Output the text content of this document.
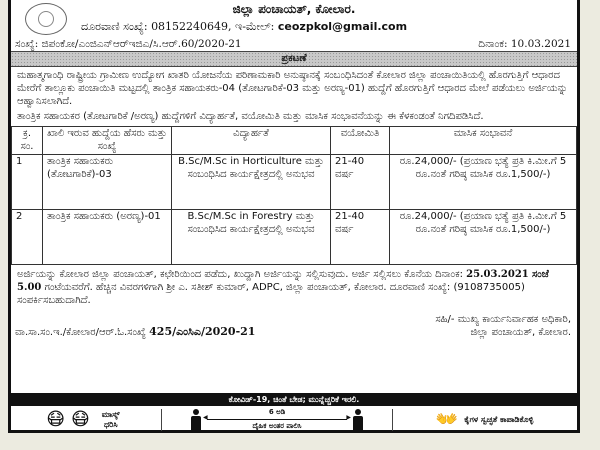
ಜಿಲ್ಲಾ ಪಂಚಾಯತ್, ಕೋಲಾರ.
ದೂರವಾಣಿ ಸಂಖ್ಯೆ: 08152240649, ಇ-ಮೇಲ್: ceozpkol@gmail.com
ಸಂಖ್ಯೆ: ಜಿಪಂಕೋ/ಎಂಜಿಎನ್‌ಆರ್‌ಇಜಿಎ/ಸಿ.ಆರ್.60/2020-21	ದಿನಾಂಕ: 10.03.2021
ಪ್ರಕಟಣೆ
ಮಹಾತ್ಮಗಾಂಧಿ ರಾಷ್ಟ್ರೀಯ ಗ್ರಾಮೀಣ ಉದ್ಯೋಗ ಖಾತರಿ ಯೋಜನೆಯ ಪರಿಣಾಮಕಾರಿ ಅನುಷ್ಠಾನಕ್ಕೆ ಸಂಬಂಧಿಸಿದಂತೆ ಕೋಲಾರ ಜಿಲ್ಲಾ ಪಂಚಾಯಿತಿಯಲ್ಲಿ ಹೊರಗುತ್ತಿಗೆ ಆಧಾರದ ಮೇರೆಗೆ ತಾಲ್ಲೂಕು ಪಂಚಾಯಿತಿ ಮಟ್ಟದಲ್ಲಿ ತಾಂತ್ರಿಕ ಸಹಾಯಕರು-04 (ತೋಟಗಾರಿಕೆ-03 ಮತ್ತು ಅರಣ್ಯ-01) ಹುದ್ದೆಗೆ ಹೊರಗುತ್ತಿಗೆ ಆಧಾರದ ಮೇಲೆ ಪಡೆಯಲು ಅರ್ಜಿಯನ್ನು ಆಹ್ವಾನಿಸಲಾಗಿದೆ.
ತಾಂತ್ರಿಕ ಸಹಾಯಕರ (ತೋಟಗಾರಿಕೆ /ಅರಣ್ಯ) ಹುದ್ದೆಗಳಿಗೆ ವಿದ್ಯಾರ್ಹತೆ, ವಯೋಮಿತಿ ಮತ್ತು ಮಾಸಿಕ ಸಂಭಾವನೆಯನ್ನು ಈ ಕೆಳಕಂಡಂತೆ ನಿಗದಿಪಡಿಸಿದೆ.
ಕ್ರ. ಸಂ.	ಖಾಲಿ ಇರುವ ಹುದ್ದೆಯ ಹೆಸರು ಮತ್ತು ಸಂಖ್ಯೆ	ವಿದ್ಯಾರ್ಹತೆ	ವಯೋಮಿತಿ	ಮಾಸಿಕ ಸಂಭಾವನೆ
1	ತಾಂತ್ರಿಕ ಸಹಾಯಕರು (ತೋಟಗಾರಿಕೆ)-03	B.Sc/M.Sc in Horticulture ಮತ್ತು ಸಂಬಂಧಿಸಿದ ಕಾರ್ಯಕ್ಷೇತ್ರದಲ್ಲಿ ಅನುಭವ	21-40 ವರ್ಷ	ರೂ.24,000/- (ಪ್ರಯಾಣ ಭತ್ಯೆ ಪ್ರತಿ ಕಿ.ಮೀ.ಗೆ 5 ರೂ.ನಂತೆ ಗರಿಷ್ಠ ಮಾಸಿಕ ರೂ.1,500/-)
2	ತಾಂತ್ರಿಕ ಸಹಾಯಕರು (ಅರಣ್ಯ)-01	B.Sc/M.Sc in Forestry ಮತ್ತು ಸಂಬಂಧಿಸಿದ ಕಾರ್ಯಕ್ಷೇತ್ರದಲ್ಲಿ ಅನುಭವ	21-40 ವರ್ಷ	ರೂ.24,000/- (ಪ್ರಯಾಣ ಭತ್ಯೆ ಪ್ರತಿ ಕಿ.ಮೀ.ಗೆ 5 ರೂ.ನಂತೆ ಗರಿಷ್ಠ ಮಾಸಿಕ ರೂ.1,500/-)
ಅರ್ಜಿಯನ್ನು ಕೋಲಾರ ಜಿಲ್ಲಾ ಪಂಚಾಯತ್, ಕಛೇರಿಯಿಂದ ಪಡೆದು, ಖುದ್ದಾಗಿ ಅರ್ಜಿಯನ್ನು ಸಲ್ಲಿಸುವುದು. ಅರ್ಜಿ ಸಲ್ಲಿಸಲು ಕೊನೆಯ ದಿನಾಂಕ: 25.03.2021 ಸಂಜೆ 5.00 ಗಂಟೆಯವರೆಗೆ. ಹೆಚ್ಚಿನ ವಿವರಗಳಿಗಾಗಿ ಶ್ರೀ ಎ. ಸತೀಶ್ ಕುಮಾರ್, ADPC, ಜಿಲ್ಲಾ ಪಂಚಾಯತ್, ಕೋಲಾರ. ದೂರವಾಣಿ ಸಂಖ್ಯೆ: (9108735005) ಸಂಪರ್ಕಿಸಬಹುದಾಗಿದೆ.
ವಾ.ಸಾ.ಸಂ.ಇ./ಕೋಲಾರ/ಆರ್.ಓ.ಸಂಖ್ಯೆ 425/ಎಂಸಿಎ/2020-21
ಸಹಿ/- ಮುಖ್ಯ ಕಾರ್ಯನಿರ್ವಾಹಕ ಅಧಿಕಾರಿ,
ಜಿಲ್ಲಾ ಪಂಚಾಯತ್, ಕೋಲಾರ.
ಕೋವಿಡ್-19, ಚಿಂತೆ ಬೇಡ; ಮುನ್ನೆಚ್ಚರಿಕೆ ಇರಲಿ.
😷 😷	ಮಾಸ್ಕ್ ಧರಿಸಿ
6 ಅಡಿ
◀ ▶
ದೈಹಿಕ ಅಂತರ ಪಾಲಿಸಿ	👐 ಕೈಗಳ ಸ್ವಚ್ಛತೆ ಕಾಪಾಡಿಕೊಳ್ಳಿ
